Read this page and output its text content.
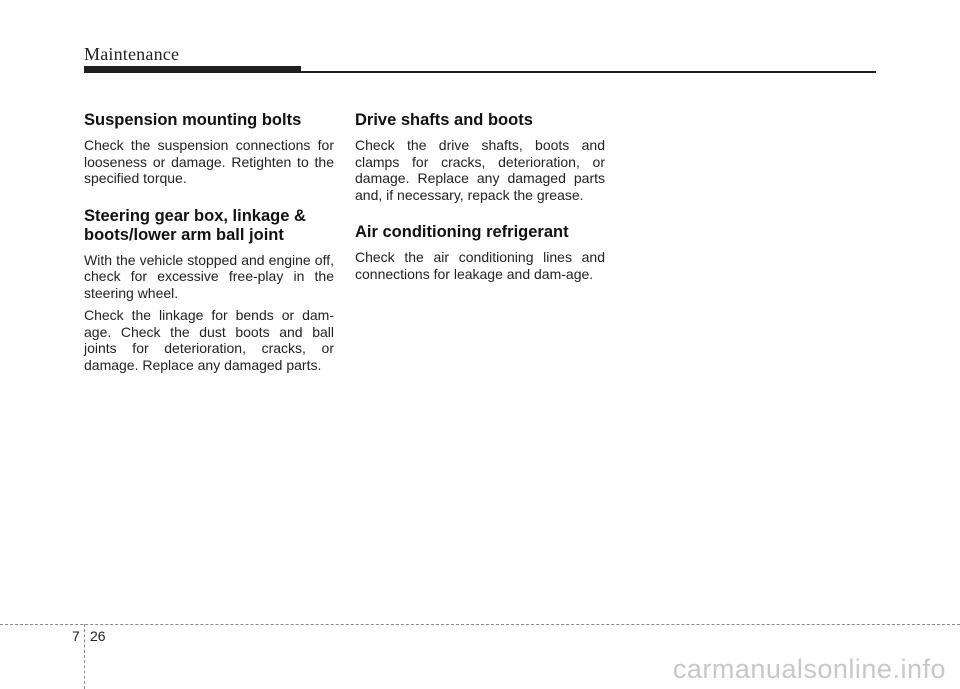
Maintenance
Suspension mounting bolts

Check the suspension connections for looseness or damage. Retighten to the specified torque.

Steering gear box, linkage & boots/lower arm ball joint

With the vehicle stopped and engine off, check for excessive free-play in the steering wheel.

Check the linkage for bends or dam-age. Check the dust boots and ball joints for deterioration, cracks, or damage. Replace any damaged parts.

Drive shafts and boots

Check the drive shafts, boots and clamps for cracks, deterioration, or damage. Replace any damaged parts and, if necessary, repack the grease.

Air conditioning refrigerant

Check the air conditioning lines and connections for leakage and dam-age.

7 26
carmanualsonline.info
